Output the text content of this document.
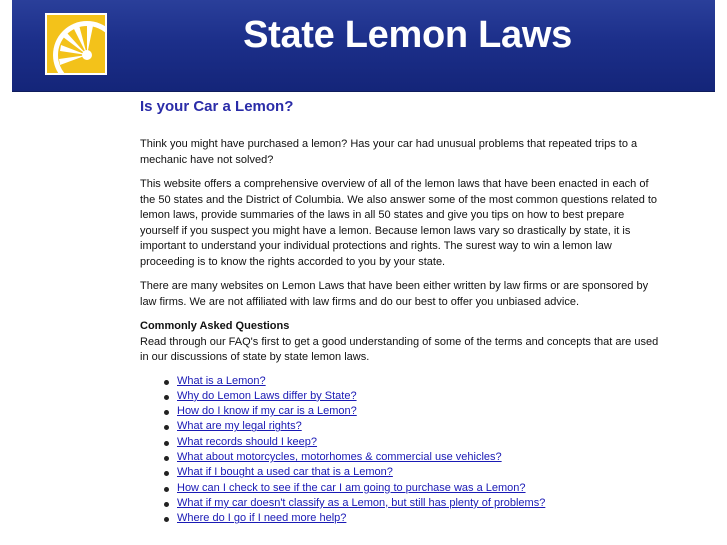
State Lemon Laws
Is your Car a Lemon?

Think you might have purchased a lemon? Has your car had unusual problems that repeated trips to a mechanic have not solved?

This website offers a comprehensive overview of all of the lemon laws that have been enacted in each of the 50 states and the District of Columbia. We also answer some of the most common questions related to lemon laws, provide summaries of the laws in all 50 states and give you tips on how to best prepare yourself if you suspect you might have a lemon. Because lemon laws vary so drastically by state, it is important to understand your individual protections and rights. The surest way to win a lemon law proceeding is to know the rights accorded to you by your state.

There are many websites on Lemon Laws that have been either written by law firms or are sponsored by law firms. We are not affiliated with law firms and do our best to offer you unbiased advice.

Commonly Asked Questions

Read through our FAQ's first to get a good understanding of some of the terms and concepts that are used in our discussions of state by state lemon laws.

What is a Lemon?
Why do Lemon Laws differ by State?
How do I know if my car is a Lemon?
What are my legal rights?
What records should I keep?
What about motorcycles, motorhomes & commercial use vehicles?
What if I bought a used car that is a Lemon?
How can I check to see if the car I am going to purchase was a Lemon?
What if my car doesn't classify as a Lemon, but still has plenty of problems?
Where do I go if I need more help?
